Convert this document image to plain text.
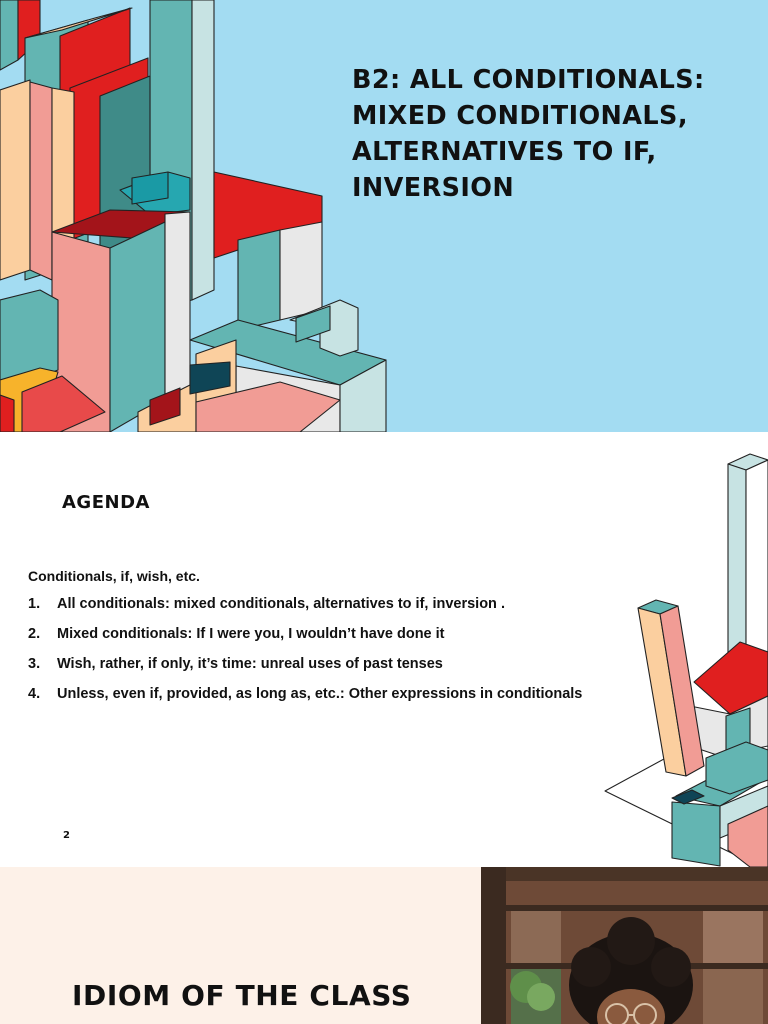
B2: ALL CONDITIONALS:
MIXED CONDITIONALS,
ALTERNATIVES TO IF,
INVERSION
AGENDA

Conditionals, if, wish, etc.

1. All conditionals: mixed conditionals, alternatives to if, inversion .
2. Mixed conditionals: If I were you, I wouldn’t have done it
3. Wish, rather, if only, it’s time: unreal uses of past tenses
4. Unless, even if, provided, as long as, etc.: Other expressions in conditionals
2
IDIOM OF THE CLASS
